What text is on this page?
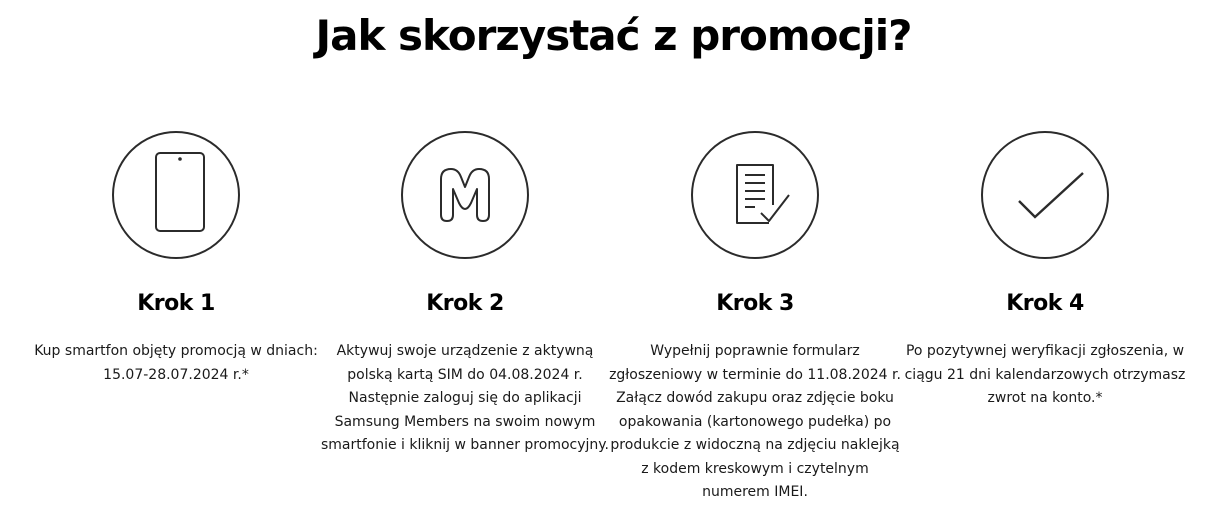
Jak skorzystać z promocji?
Krok 1
Kup smartfon objęty promocją w dniach:
15.07-28.07.2024 r.*
Krok 2
Aktywuj swoje urządzenie z aktywną
polską kartą SIM do 04.08.2024 r.
Następnie zaloguj się do aplikacji
Samsung Members na swoim nowym
smartfonie i kliknij w banner promocyjny.
Krok 3
Wypełnij poprawnie formularz
zgłoszeniowy w terminie do 11.08.2024 r.
Załącz dowód zakupu oraz zdjęcie boku
opakowania (kartonowego pudełka) po
produkcie z widoczną na zdjęciu naklejką
z kodem kreskowym i czytelnym
numerem IMEI.
Krok 4
Po pozytywnej weryfikacji zgłoszenia, w
ciągu 21 dni kalendarzowych otrzymasz
zwrot na konto.*
